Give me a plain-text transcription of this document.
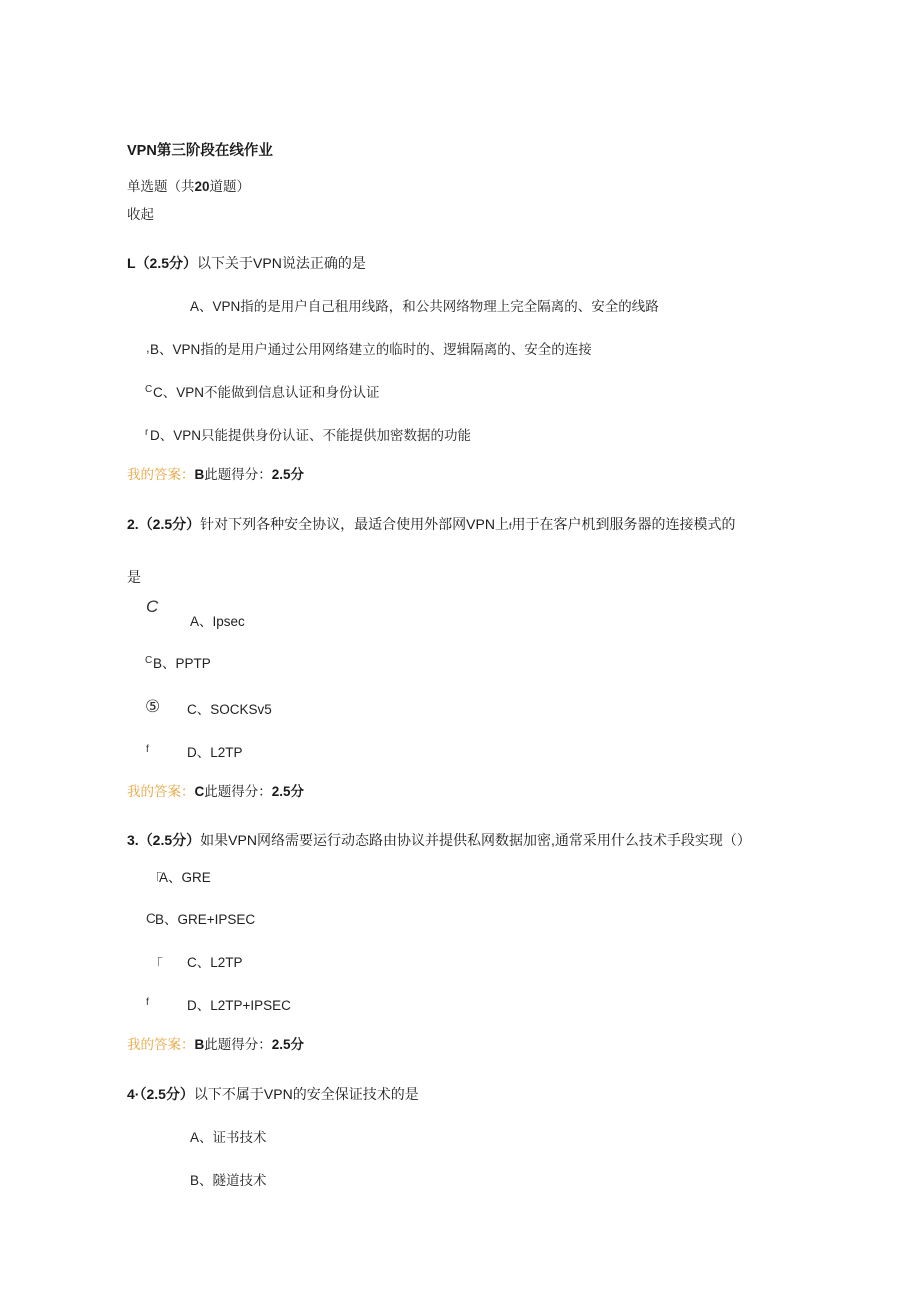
VPN第三阶段在线作业
单选题（共20道题）
收起
L（2.5分）以下关于VPN说法正确的是
A、VPN指的是用户自己租用线路，和公共网络物理上完全隔离的、安全的线路
, B、VPN指的是用户通过公用网络建立的临时的、逻辑隔离的、安全的连接
C C、VPN不能做到信息认证和身份认证
r D、VPN只能提供身份认证、不能提供加密数据的功能
我的答案：B此题得分：2.5分
2.（2.5分）针对下列各种安全协议，最适合使用外部网VPN上f用于在客户机到服务器的连接模式的
是
C
A、Ipsec
C B、PPTP
⑤ C、SOCKSv5
f	D、L2TP
我的答案：C此题得分：2.5分
3.（2.5分）如果VPN网络需要运行动态路由协议并提供私网数据加密,通常采用什么技术手段实现（）
「
A、GRE
C B、GRE+IPSEC
「 C、L2TP
f	D、L2TP+IPSEC
我的答案：B此题得分：2.5分
4·（2.5分）以下不属于VPN的安全保证技术的是
A、证书技术
B、隧道技术
